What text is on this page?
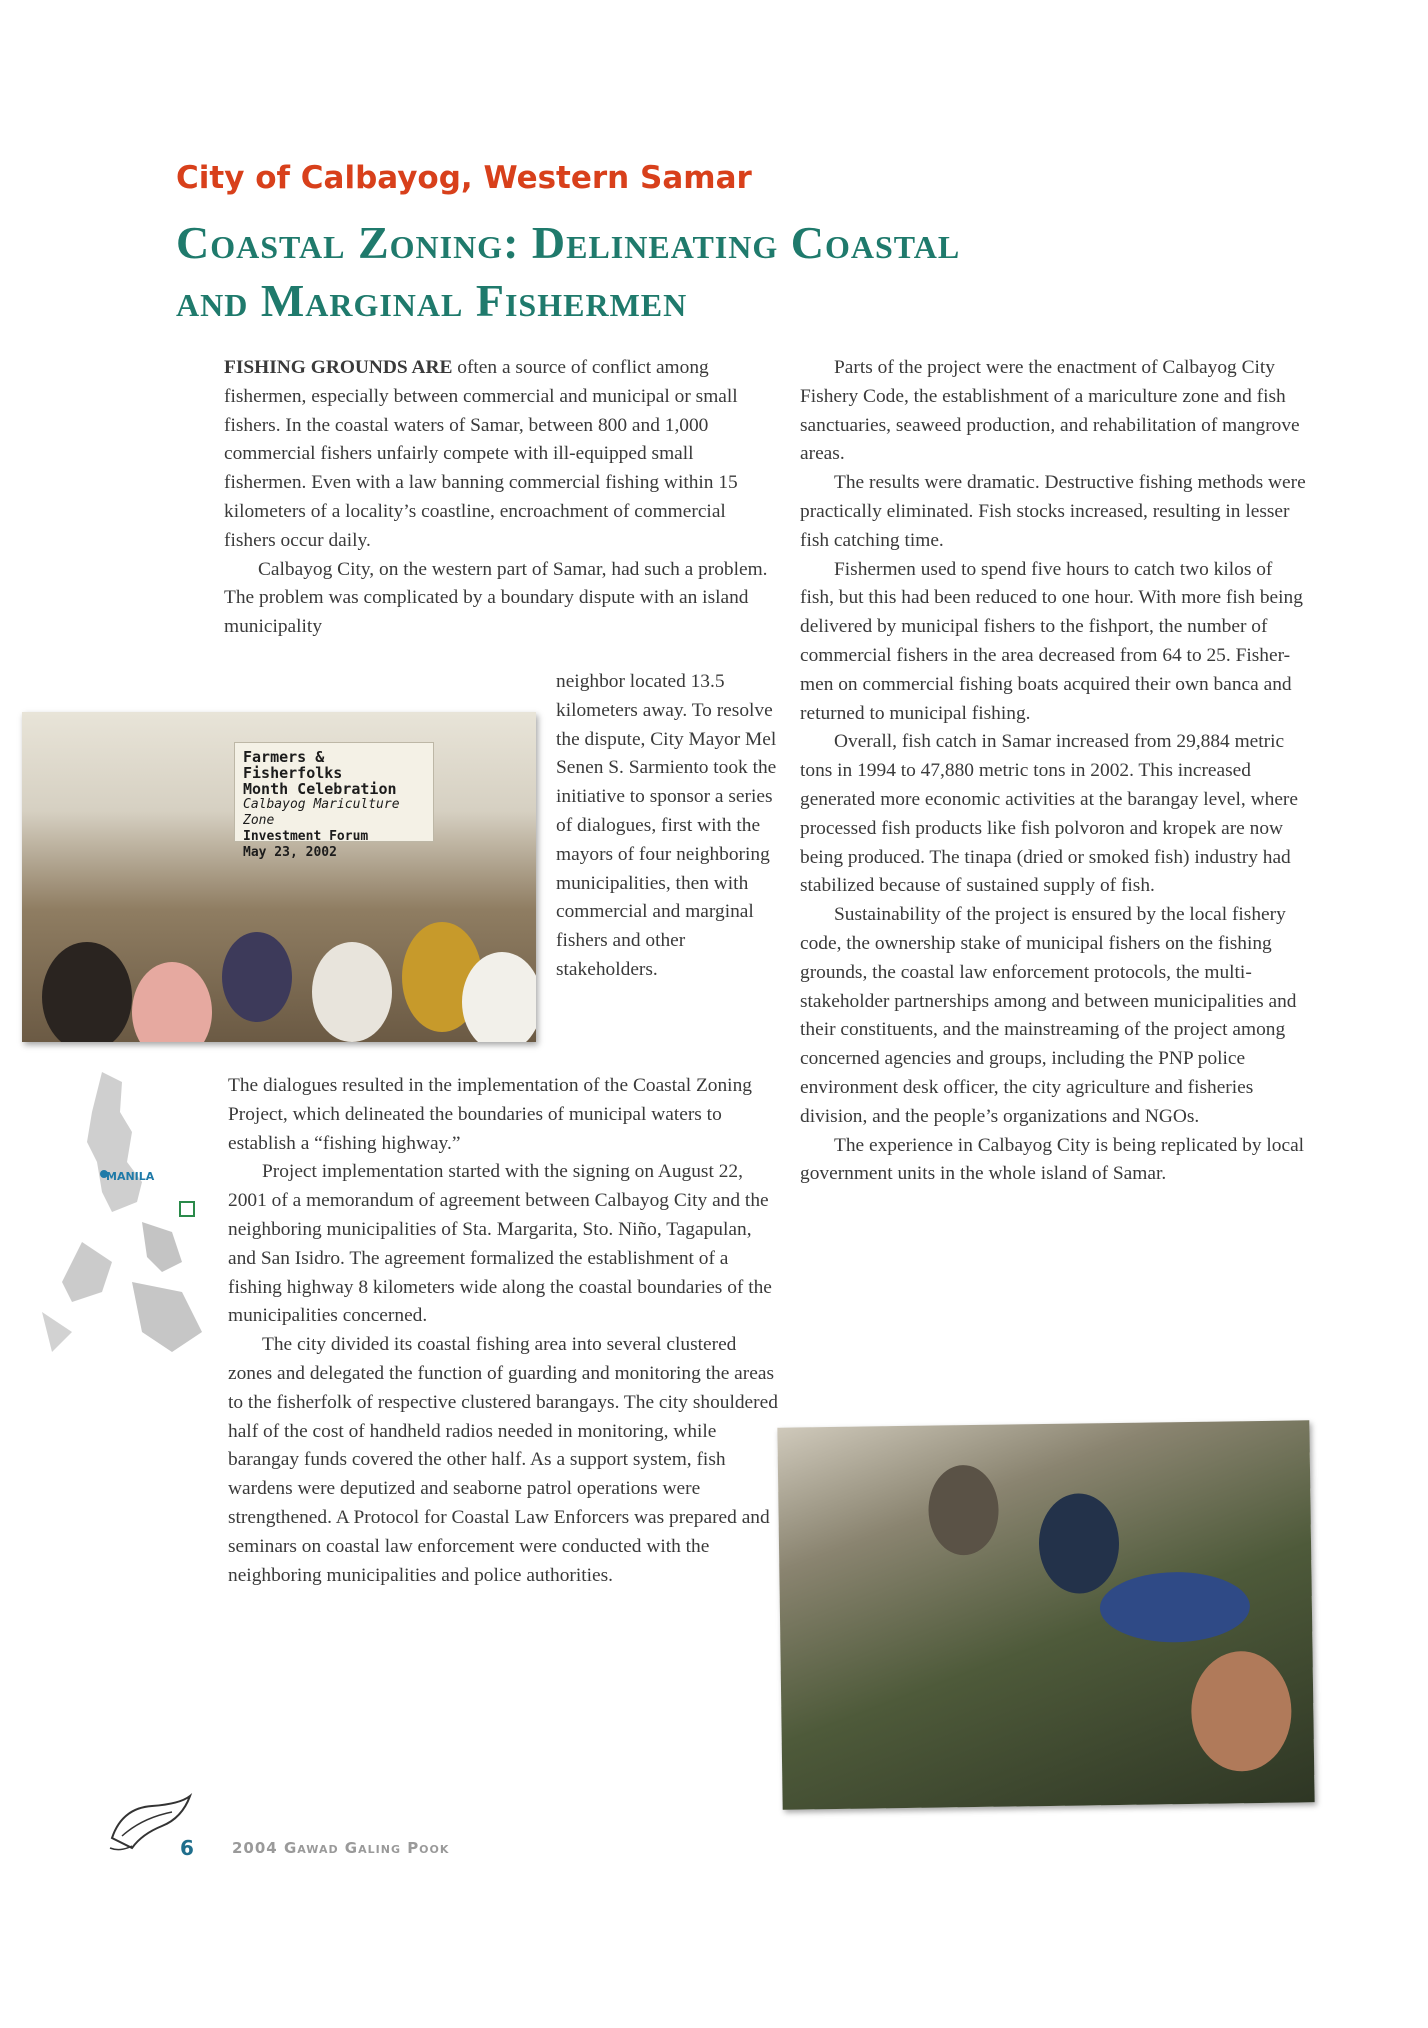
City of Calbayog, Western Samar
Coastal Zoning: Delineating Coastal
and Marginal Fishermen

FISHING GROUNDS ARE often a source of conflict among fishermen, especially between commercial and municipal or small fishers. In the coastal waters of Samar, between 800 and 1,000 commercial fishers unfairly compete with ill-equipped small fishermen. Even with a law banning commercial fishing within 15 kilometers of a locality’s coastline, encroachment of commercial fishers occur daily.

Calbayog City, on the western part of Samar, had such a problem. The problem was complicated by a boundary dispute with an island municipality

neighbor located 13.5 kilometers away. To resolve the dispute, City Mayor Mel Senen S. Sarmiento took the initiative to sponsor a series of dialogues, first with the mayors of four neighboring municipalities, then with commercial and marginal fishers and other stakeholders.

The dialogues resulted in the implementation of the Coastal Zoning Project, which delineated the boundaries of municipal waters to establish a “fishing highway.”

Project implementation started with the signing on August 22, 2001 of a memorandum of agreement between Calbayog City and the neighboring municipalities of Sta. Margarita, Sto. Niño, Tagapulan, and San Isidro. The agreement formalized the establishment of a fishing highway 8 kilometers wide along the coastal boundaries of the municipalities concerned.

The city divided its coastal fishing area into several clustered zones and delegated the function of guarding and monitoring the areas to the fisherfolk of respective clustered barangays. The city shouldered half of the cost of handheld radios needed in monitoring, while barangay funds covered the other half. As a support system, fish wardens were deputized and seaborne patrol operations were strengthened. A Protocol for Coastal Law Enforcers was prepared and seminars on coastal law enforcement were conducted with the neighboring municipalities and police authorities.

Parts of the project were the enactment of Calbayog City Fishery Code, the establishment of a mariculture zone and fish sanctuaries, seaweed production, and rehabilitation of mangrove areas.

The results were dramatic. Destructive fishing methods were practically eliminated. Fish stocks increased, resulting in lesser fish catching time.

Fishermen used to spend five hours to catch two kilos of fish, but this had been reduced to one hour. With more fish being delivered by municipal fishers to the fishport, the number of commercial fishers in the area decreased from 64 to 25. Fisher- men on commercial fishing boats acquired their own banca and returned to municipal fishing.

Overall, fish catch in Samar increased from 29,884 metric tons in 1994 to 47,880 metric tons in 2002. This increased generated more economic activities at the barangay level, where processed fish products like fish polvoron and kropek are now being produced. The tinapa (dried or smoked fish) industry had stabilized because of sustained supply of fish.

Sustainability of the project is ensured by the local fishery code, the ownership stake of municipal fishers on the fishing grounds, the coastal law enforcement protocols, the multi- stakeholder partnerships among and between municipalities and their constituents, and the mainstreaming of the project among concerned agencies and groups, including the PNP police environment desk officer, the city agriculture and fisheries division, and the people’s organizations and NGOs.

The experience in Calbayog City is being replicated by local government units in the whole island of Samar.

Farmers & Fisherfolks
Month Celebration
Calbayog Mariculture Zone
Investment Forum
May 23, 2002
MANILA
6	2004 Gawad Galing Pook
